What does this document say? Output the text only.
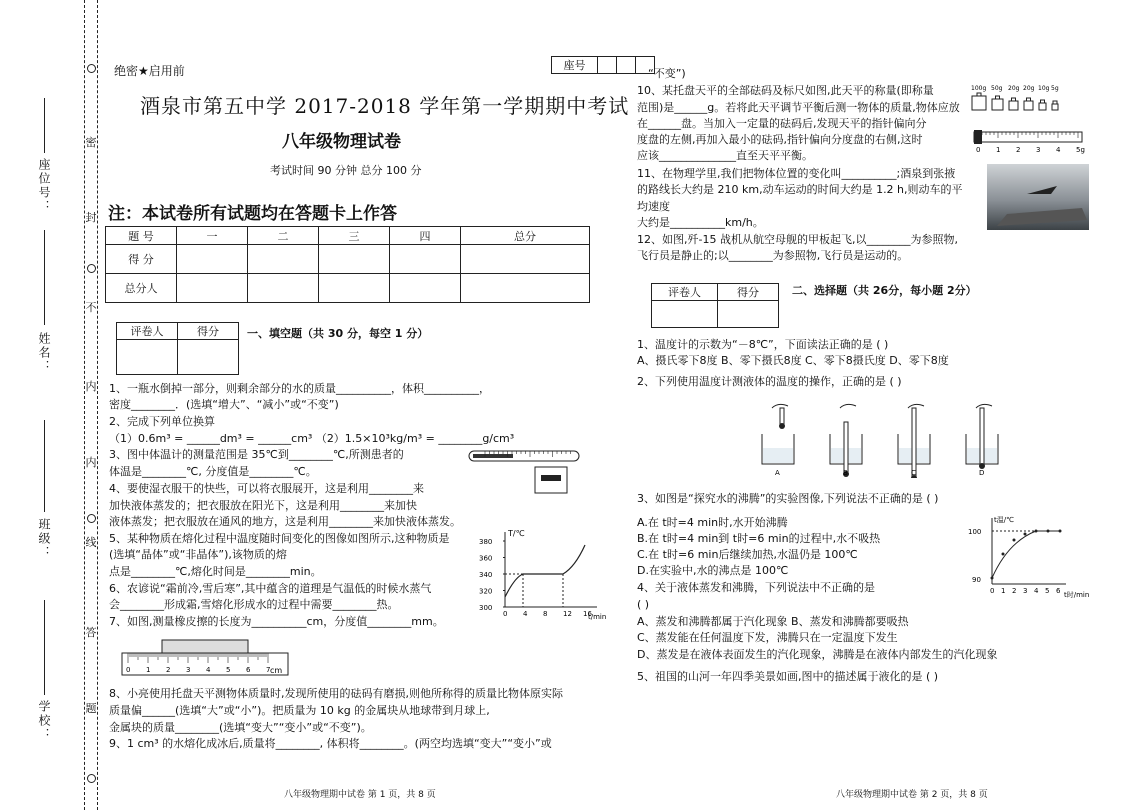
密
封
不
内
内
线
答
题
座位号：
姓名：
班级：
学校：
绝密★启用前	座号			
酒泉市第五中学 2017-2018 学年第一学期期中考试
八年级物理试卷
考试时间 90 分钟 总分 100 分
注：本试卷所有试题均在答题卡上作答
题 号	一	二	三	四	总分
得 分					
总分人					
评卷人	得分
		一、填空题（共 30 分，每空 1 分）
1、一瓶水倒掉一部分，则剩余部分的水的质量__________，体积__________，
密度________．(选填“增大”、“减小”或“不变”)
2、完成下列单位换算
（1）0.6m³ = ______dm³ = ______cm³ （2）1.5×10³kg/m³ = ________g/cm³
3、图中体温计的测量范围是 35℃到________℃,所测患者的
体温是________℃, 分度值是________℃。
4、要使湿衣服干的快些，可以将衣服展开，这是利用________来
加快液体蒸发的；把衣服放在阳光下，这是利用________来加快
液体蒸发；把衣服放在通风的地方，这是利用________来加快液体蒸发。
5、某种物质在熔化过程中温度随时间变化的图像如图所示,这种物质是
(选填“晶体”或“非晶体”),该物质的熔
点是________℃,熔化时间是________min。
6、农谚说“霜前冷,雪后寒”,其中蕴含的道理是气温低的时候水蒸气
会________形成霜,雪熔化形成水的过程中需要________热。
7、如图,测量橡皮擦的长度为__________cm，分度值________mm。
8、小亮使用托盘天平测物体质量时,发现所使用的砝码有磨损,则他所称得的质量比物体原实际
质量偏______(选填“大”或“小”)。把质量为 10 kg 的金属块从地球带到月球上,
金属块的质量________(选填“变大”“变小”或“不变”)。
9、1 cm³ 的水熔化成冰后,质量将________, 体积将________。(两空均选填“变大”“变小”或
T/℃
t/min
380
360
340
320
300
0 4 8 12 16
0 1 2 3 4 5 6 7 cm
八年级物理期中试卷 第 1 页，共 8 页
“不变”)
10、某托盘天平的全部砝码及标尺如图,此天平的称量(即称量
范围)是______g。若将此天平调节平衡后测一物体的质量,物体应放
在______盘。当加入一定量的砝码后,发现天平的指针偏向分
度盘的左侧,再加入最小的砝码,指针偏向分度盘的右侧,这时
应该______________直至天平平衡。
11、在物理学里,我们把物体位置的变化叫__________;酒泉到张掖
的路线长大约是 210 km,动车运动的时间大约是 1.2 h,则动车的平
均速度
大约是__________km/h。
12、如图,歼-15 战机从航空母舰的甲板起飞,以________为参照物,
飞行员是静止的;以________为参照物,飞行员是运动的。
100g 50g 20g 20g 10g 5g
0 1 2 3 4 5g
评卷人	得分
		二、选择题（共 26分，每小题 2分）
1、温度计的示数为“－8℃”，下面读法正确的是 ( )
A、摄氏零下8度 B、零下摄氏8度 C、零下8摄氏度 D、零下8度
2、下列使用温度计测液体的温度的操作，正确的是 ( )
A	B	C	D
3、如图是“探究水的沸腾”的实验图像,下列说法不正确的是 ( )
A.在 t时=4 min时,水开始沸腾
B.在 t时=4 min到 t时=6 min的过程中,水不吸热
C.在 t时=6 min后继续加热,水温仍是 100℃
D.在实验中,水的沸点是 100℃
4、关于液体蒸发和沸腾，下列说法中不正确的是
( )
A、蒸发和沸腾都属于汽化现象 B、蒸发和沸腾都要吸热
C、蒸发能在任何温度下发，沸腾只在一定温度下发生
D、蒸发是在液体表面发生的汽化现象，沸腾是在液体内部发生的汽化现象
5、祖国的山河一年四季美景如画,图中的描述属于液化的是 ( )
t温/℃
t时/min
100
90
0 1 2 3 4 5 6
八年级物理期中试卷 第 2 页，共 8 页
